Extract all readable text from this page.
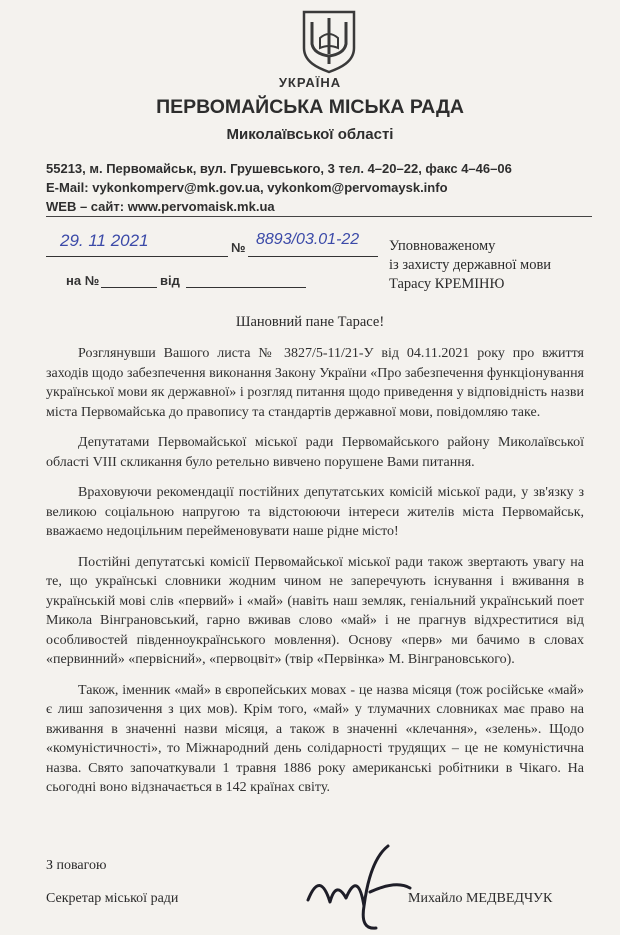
УКРАЇНА
ПЕРВОМАЙСЬКА МІСЬКА РАДА
Миколаївської області
55213, м. Первомайськ, вул. Грушевського, 3 тел. 4–20–22, факс 4–46–06
E-Mail: vykonkomperv@mk.gov.ua, vykonkom@pervomaysk.info
WEB – сайт: www.pervomaisk.mk.ua
29. 11 2021	№ 8893/03.01-22
на №	від
Уповноваженому
із захисту державної мови
Тарасу КРЕМІНЮ
Шановний пане Тарасе!

Розглянувши Вашого листа № 3827/5-11/21-У від 04.11.2021 року про вжиття заходів щодо забезпечення виконання Закону України «Про забезпечення функціонування української мови як державної» і розгляд питання щодо приведення у відповідність назви міста Первомайська до правопису та стандартів державної мови, повідомляю таке.

Депутатами Первомайської міської ради Первомайського району Миколаївської області VIII скликання було ретельно вивчено порушене Вами питання.

Враховуючи рекомендації постійних депутатських комісій міської ради, у зв'язку з великою соціальною напругою та відстоюючи інтереси жителів міста Первомайськ, вважаємо недоцільним перейменовувати наше рідне місто!

Постійні депутатські комісії Первомайської міської ради також звертають увагу на те, що українські словники жодним чином не заперечують існування і вживання в українській мові слів «первий» і «май» (навіть наш земляк, геніальний український поет Микола Вінграновський, гарно вживав слово «май» і не прагнув відхреститися від особливостей південноукраїнського мовлення). Основу «перв» ми бачимо в словах «первинний» «первісний», «первоцвіт» (твір «Первінка» М. Вінграновського).

Також, іменник «май» в європейських мовах - це назва місяця (тож російське «май» є лиш запозичення з цих мов). Крім того, «май» у тлумачних словниках має право на вживання в значенні назви місяця, а також в значенні «клечання», «зелень». Щодо «комуністичності», то Міжнародний день солідарності трудящих – це не комуністична назва. Свято започаткували 1 травня 1886 року американські робітники в Чікаго. На сьогодні воно відзначається в 142 країнах світу.

З повагою
Секретар міської ради	Михайло МЕДВЕДЧУК
